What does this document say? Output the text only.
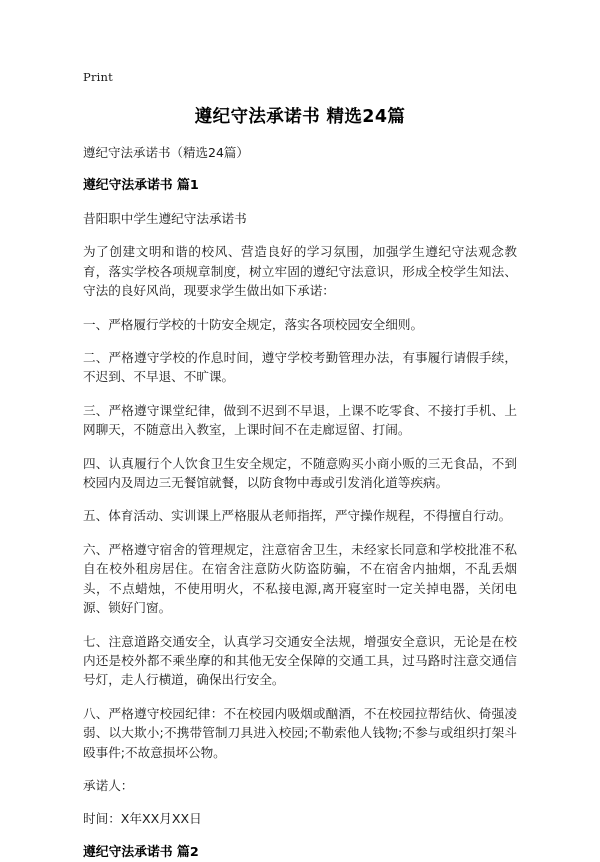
Print
遵纪守法承诺书 精选24篇

遵纪守法承诺书（精选24篇）

遵纪守法承诺书 篇1

昔阳职中学生遵纪守法承诺书

为了创建文明和谐的校风、营造良好的学习氛围，加强学生遵纪守法观念教育，落实学校各项规章制度，树立牢固的遵纪守法意识，形成全校学生知法、守法的良好风尚，现要求学生做出如下承诺：

一、严格履行学校的十防安全规定，落实各项校园安全细则。

二、严格遵守学校的作息时间，遵守学校考勤管理办法，有事履行请假手续，不迟到、不早退、不旷课。

三、严格遵守课堂纪律，做到不迟到不早退，上课不吃零食、不接打手机、上网聊天，不随意出入教室，上课时间不在走廊逗留、打闹。

四、认真履行个人饮食卫生安全规定，不随意购买小商小贩的三无食品，不到校园内及周边三无餐馆就餐，以防食物中毒或引发消化道等疾病。

五、体育活动、实训课上严格服从老师指挥，严守操作规程，不得擅自行动。

六、严格遵守宿舍的管理规定，注意宿舍卫生，未经家长同意和学校批准不私自在校外租房居住。在宿舍注意防火防盗防骗，不在宿舍内抽烟，不乱丢烟头，不点蜡烛，不使用明火，不私接电源,离开寝室时一定关掉电器，关闭电源、锁好门窗。

七、注意道路交通安全，认真学习交通安全法规，增强安全意识，无论是在校内还是校外都不乘坐摩的和其他无安全保障的交通工具，过马路时注意交通信号灯，走人行横道，确保出行安全。

八、严格遵守校园纪律：不在校园内吸烟或酗酒，不在校园拉帮结伙、倚强凌弱、以大欺小;不携带管制刀具进入校园;不勒索他人钱物;不参与或组织打架斗殴事件;不故意损坏公物。

承诺人：

时间：X年XX月XX日

遵纪守法承诺书 篇2
